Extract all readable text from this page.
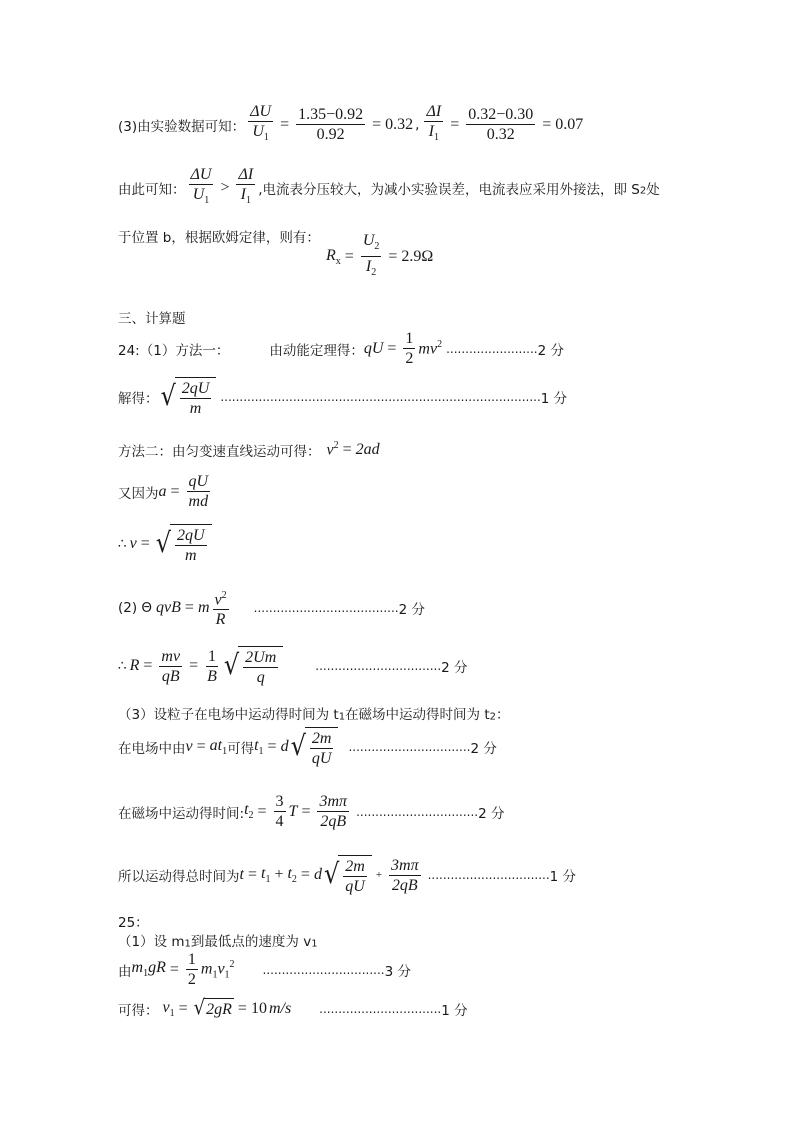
(3)由实验数据可知： $\frac{\Delta U}{U_1} = \frac{1.35-0.92}{0.92} = 0.32$ , $\frac{\Delta I}{I_1} = \frac{0.32-0.30}{0.32} = 0.07$
由此可知： $\frac{\Delta U}{U_1} > \frac{\Delta I}{I_1}$ ,电流表分压较大，为减小实验误差，电流表应采用外接法，即 S $_2$ 处
于位置 b，根据欧姆定律，则有：
$R_x = \frac{U_2}{I_2} = 2.9\Omega$
三、计算题
24:（1）方法一：	由动能定理得： qU = $\frac{1}{2} mv^2$ ........................ 2 分
解得： √ $\frac{2qU}{m}$ .................................................................................... 1 分
方法二：由匀变速直线运动可得： $v^2 = 2ad$
又因为 $a = \frac{qU}{md}$
∴ v = √ $\frac{2qU}{m}$
(2) Θ qvB = m $\frac{v^2}{R}$ ...................................... 2 分
∴ $R = \frac{mv}{qB} = \frac{1}{B}$ √ $\frac{2Um}{q}$	................................. 2 分
（3）设粒子在电场中运动得时间为 t $_1$ 在磁场中运动得时间为 t $_2$ ：
在电场中由 $v = at_1$ 可得 $t_1 = d$ √ $\frac{2m}{qU}$ ................................ 2 分
在磁场中运动得时间: $t_2 = \frac{3}{4}$ $T = \frac{3m\pi}{2qB}$ ................................ 2 分
所以运动得总时间为 $t = t_1 + t_2 = d$ √ $\frac{2m}{qU} + \frac{3m\pi}{2qB}$ ................................ 1 分
25：
（1）设 m $_1$ 到最低点的速度为 v $_1$
由 $m_1gR = \frac{1}{2} m_1v_1^2$ ................................ 3 分
可得： $v_1$ = √ 2gR = 10 m/s ................................ 1 分
